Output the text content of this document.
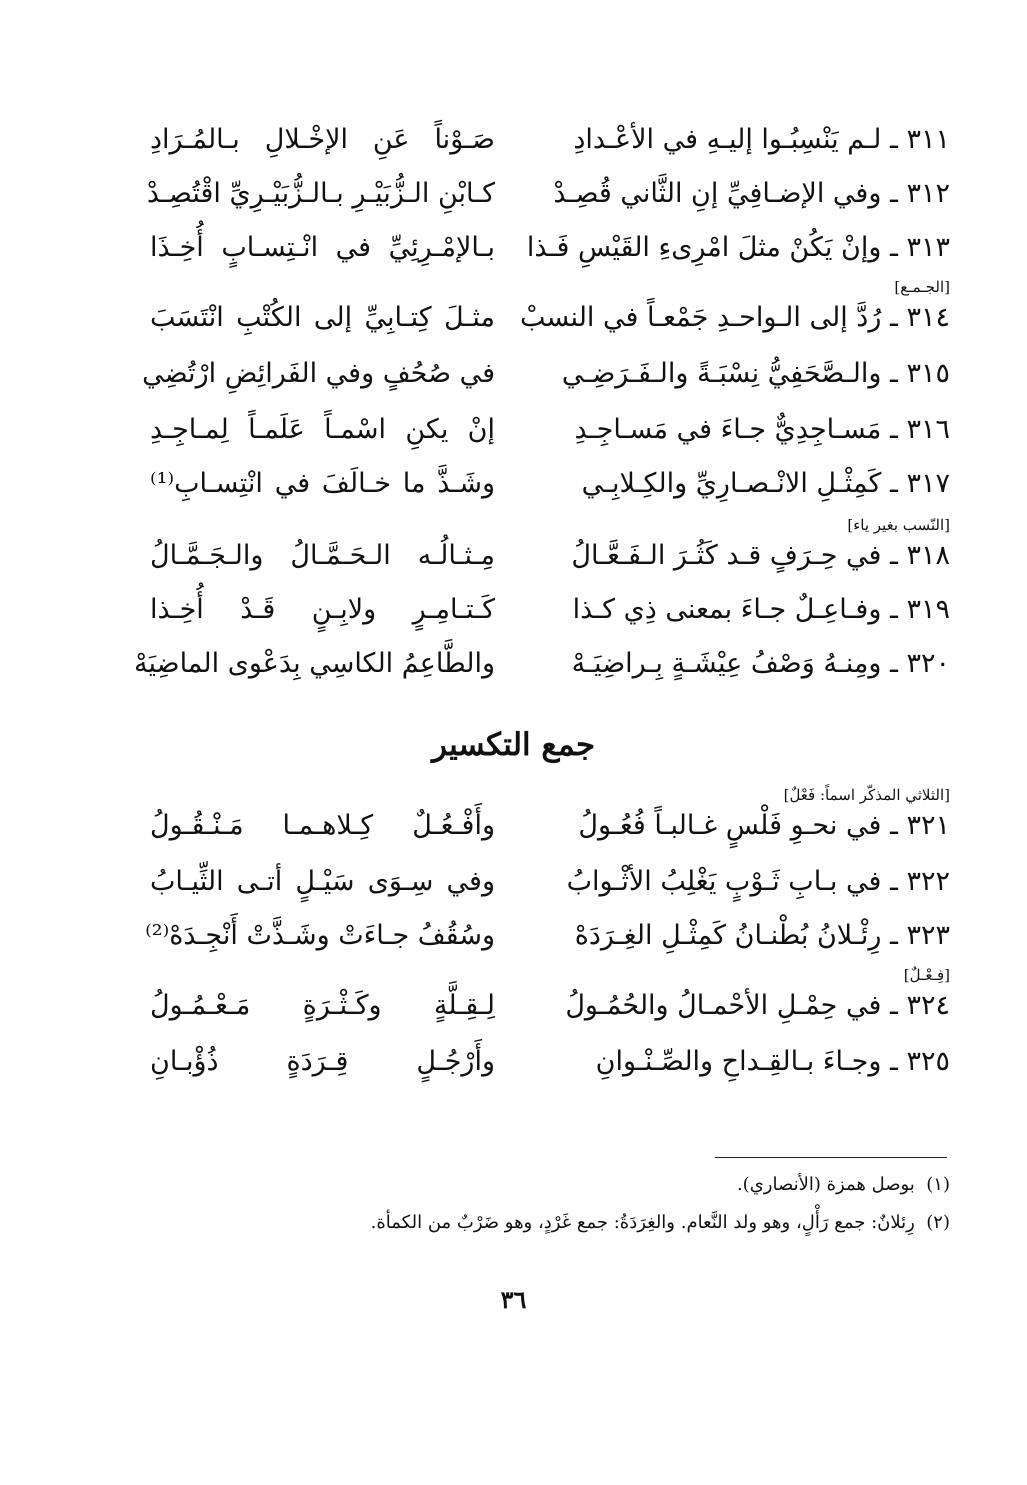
٣١١ ـ لـم يَنْسِبُـوا إليـهِ في الأعْـدادِ
صَـوْناً عَنِ الإخْـلالِ بـالمُـرَادِ
٣١٢ ـ وفي الإضـافِيِّ إنِ الثَّاني قُصِـدْ
كـابْنِ الـزُّبَيْـرِ بـالـزُّبَيْـرِيِّ اقْتُصِـدْ
٣١٣ ـ وإنْ يَكُنْ مثلَ امْرِىءِ القَيْسِ فَـذا
بـالإمْـرِئِيِّ في انْـتِسـابٍ أُخِـذَا
[الجـمـع]
٣١٤ ـ رُدَّ إلى الـواحـدِ جَمْعـاً في النسبْ
مثـلَ كِتـابِيِّ إلى الكُتْبِ انْتَسَبَ
٣١٥ ـ والـصَّحَفِيُّ نِسْبَـةً والـفَـرَضِـي
في صُحُفٍ وفي الفَرائِضِ ارْتُضِي
٣١٦ ـ مَسـاجِدِيٌّ جـاءَ في مَسـاجِـدِ
إنْ يكنِ اسْمـاً عَلَمـاً لِمـاجِـدِ
٣١٧ ـ كَمِثْـلِ الانْـصـارِيِّ والكِـلابِـي
وشَـذَّ ما خـالَفَ في انْتِسـابِ⁽¹⁾
[النّسب بغير ياء]
٣١٨ ـ في حِـرَفٍ قـد كَثُـرَ الـفَـعَّـالُ
مِـثـالُـه الـحَـمَّـالُ والـجَـمَّـالُ
٣١٩ ـ وفـاعِـلٌ جـاءَ بمعنى ذِي كـذا
كَـتـامِـرٍ ولابِـنٍ قَـدْ أُخِـذا
٣٢٠ ـ ومِنـهُ وَصْفُ عِيْشَـةٍ بِـراضِيَـهْ
والطَّاعِمُ الكاسِي بِدَعْوى الماضِيَهْ
جمع التكسير
[الثلاثي المذكّر اسماً: فَعْلٌ]
٣٢١ ـ في نحـوِ فَلْسٍ غـالبـاً فُعُـولُ
وأَفْـعُـلٌ كِـلاهـمـا مَـنْـقُـولُ
٣٢٢ ـ في بـابِ ثَـوْبٍ يَغْلِبُ الأثْـوابُ
وفي سِـوَى سَيْـلٍ أتـى الثِّيـابُ
٣٢٣ ـ رِئْـلانُ بُطْنـانُ كَمِثْـلِ الغِـرَدَهْ
وسُقُفُ جـاءَتْ وشَـذَّتْ أَنْجِـدَهْ⁽²⁾
[فِـعْـلٌ]
٣٢٤ ـ في حِمْـلِ الأحْمـالُ والحُمُـولُ
لِـقِـلَّةٍ وكَـثْـرَةٍ مَـعْـمُـولُ
٣٢٥ ـ وجـاءَ بـالقِـداحِ والصِّـنْـوانِ
وأَرْجُـلٍ قِـرَدَةٍ ذُؤْبـانِ
(١)  بوصل همزة (الأنصاري).
(٢)  رِئلانٌ: جمع رَأْلٍ، وهو ولد النَّعام. والغِرَدَةُ: جمع غَرْدٍ، وهو ضَرْبٌ من الكمأة.
٣٦
